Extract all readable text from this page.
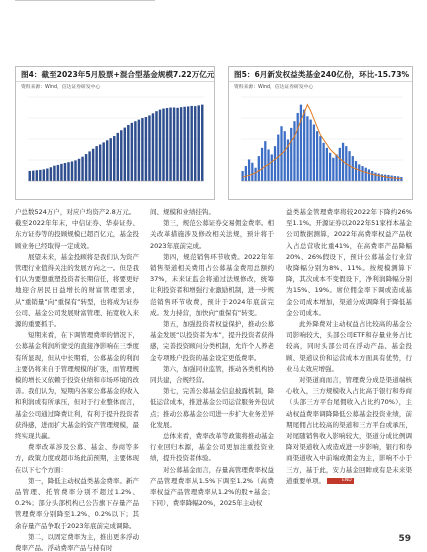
图4：截至2023年5月股票+混合型基金规模7.22万亿元
资料来源：Wind，信达证券研发中心
图5：6月新发权益类基金240亿份，环比-15.73%
资料来源：Wind，信达证券研发中心

户总数524万户，对应户均资产2.8万元。

截至2022年年末，中信证券、华泰证券、东方证券等的投顾规模已超百亿元，基金投顾业务已经取得一定成效。

展望未来，基金投顾将是我们认为资产管理行业值得关注的发展方向之一。但是我们认为要想重塑投资者长期信任，将要更好地迎合居民日益增长的财富管理需求，从“重销量”向“重保有”转型，也将成为证券公司、基金公司发展财富管理、拓宽收入来源的重要抓手。

短期来看，在下调管理费率的情况下，公募基金利润所蒙受的直接净影响在三季度有所显现，但从中长期看，公募基金的利润主要仍将来自于管理规模的扩张，而管理规模的增长又依赖于投资业绩和市场环境的改善。我们认为，短期内各家公募基金的收入和利润或有所承压，但对于行业整体而言，基金公司通过降费让利，有利于提升投资者获得感，进而扩大基金的资产管理规模，最终实现共赢。

费率改革涉及公募、基金、券商等多方，政策力度或超市场此前预期，主要体现在以下七个方面：

第一，降低主动权益类基金费率。新产品管理、托管费率分别不超过1.2%、0.2%；部分头部机构已公告旗下存量产品管理费率分别降至1.2%、0.2%以下；其余存量产品争取于2023年底前完成调降。

第二，以固定费率为主，推出更多浮动费率产品。浮动费率产品与持有时

间、规模和业绩挂钩。

第三，规范公募证券交易佣金费率。相关改革措施涉及修改相关法规，预计将于2023年底前完成。

第四，规范销售环节收费。2022年年销售渠道相关费用占公募基金费用总额约37%，未来证监会将通过法规修改，统筹让利投资者和增强行业激励机制，进一步规范销售环节收费，预计于2024年底前完成。发力持营，加快向“重保有”转变。

第五，加强投资者权益保护，推动公募基金发展“以投资者为本”，提升投资者获得感，完善投资顾问分类机制，允许个人养老金专项账户投资的基金设定更低费率。

第六，加强同业监管，推动各类机构协同共建，合规经营。

第七，完善公募基金信息披露机制，降低运营成本，推进基金公司运营服务外包试点；推动公募基金公司进一步扩大业务差异化发展。

总体来看，费率改革等政策将推动基金行业回归本源，基金公司更加注重投资业绩，提升投资者体验。

对公募基金而言，存量高管理费率权益产品管理费率从1.5%下调至1.2%（高费率权益产品管理费率从1.2%的股+基金；下同），费率降幅20%，2025年主动权

益类基金管理费率将较2022年下降约26%至1.1%。开源证券以2022年51家样本基金公司数据测算，2022年高费率权益产品收入占总营收比重41%，在高费率产品降幅20%、26%假设下，预计公募基金行业营收降幅分别为8%、11%。按规模测算下降，其次成本不变假设下，净利润降幅分别为15%、19%。席位佣金率下调或造成基金公司成本增加，渠道分成调降利于降低基金公司成本。

此外降费对主动权益占比较高的基金公司影响较大，头部公司ETF和存量业务占比较高，同时头部公司在浮动产品、基金投顾、渠道议价和运营成本方面具有优势，行业马太效应增强。

对渠道商而言，管理费分成是渠道端核心收入，三方规模收入占比高于银行和券商（头部三方平台尾佣收入占比约70%），主动权益费率调降降低公募基金投资业绩，前期尾佣占比较高的渠道和三方平台或承压，对尾随销售收入影响较大，渠道分成比例调降对渠道收入或造成进一步影响，银行和券商渠道收入中前端或佣金为主，影响不小于三方，基于此，安力基金回眸或有是未来渠道重要单项。	END

59
